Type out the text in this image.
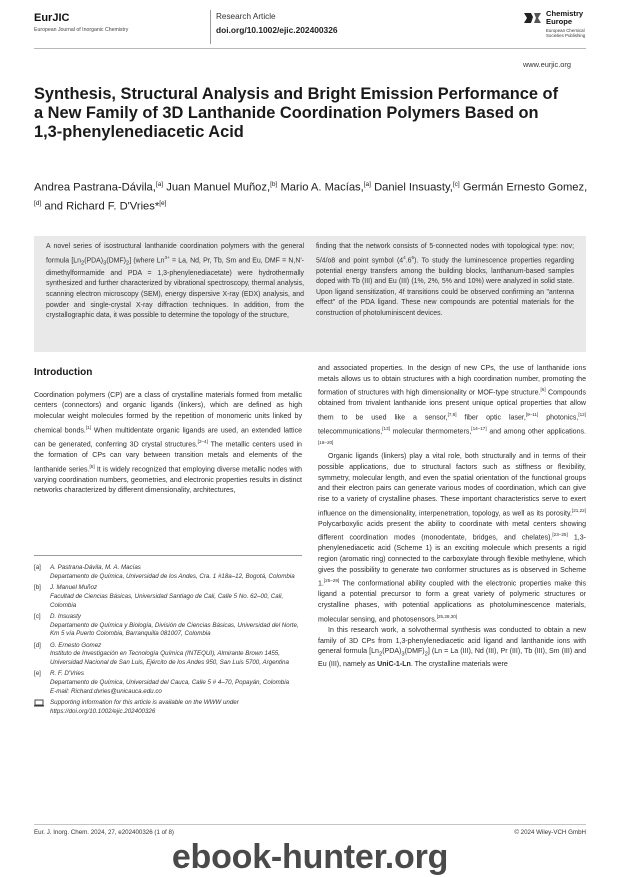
EurJIC
European Journal of Inorganic Chemistry
Research Article
doi.org/10.1002/ejic.202400326
Chemistry
Europe
European Chemical
Societies Publishing
www.eurjic.org
Synthesis, Structural Analysis and Bright Emission Performance of a New Family of 3D Lanthanide Coordination Polymers Based on 1,3-phenylenediacetic Acid
Andrea Pastrana-Dávila,[a] Juan Manuel Muñoz,[b] Mario A. Macías,[a] Daniel Insuasty,[c] Germán Ernesto Gomez,[d] and Richard F. D'Vries*[e]
A novel series of isostructural lanthanide coordination polymers with the general formula $[Ln_2(PDA)_3(DMF)_2]$ (where $Ln^{3+} = La$, Nd, Pr, Tb, Sm and Eu, DMF = N,N'-dimethylformamide and PDA = 1,3-phenylenediacetate) were hydrothermally synthesized and further characterized by vibrational spectroscopy, thermal analysis, scanning electron microscopy (SEM), energy dispersive X-ray (EDX) analysis, and powder and single-crystal X-ray diffraction techniques. In addition, from the crystallographic data, it was possible to determine the topology of the structure,
finding that the network consists of 5-connected nodes with topological type: nov; 5/4/o8 and point symbol $(4^4.6^6)$. To study the luminescence properties regarding potential energy transfers among the building blocks, lanthanum-based samples doped with Tb (III) and Eu (III) (1%, 2%, 5% and 10%) were analyzed in solid state. Upon ligand sensitization, 4f transitions could be observed confirming an "antenna effect" of the PDA ligand. These new compounds are potential materials for the construction of photoluminiscent devices.
Introduction

Coordination polymers (CP) are a class of crystalline materials formed from metallic centers (connectors) and organic ligands (linkers), which are defined as high molecular weight molecules formed by the repetition of monomeric units linked by chemical bonds.[1] When multidentate organic ligands are used, an extended lattice can be generated, conferring 3D crystal structures.[2–4] The metallic centers used in the formation of CPs can vary between transition metals and elements of the lanthanide series.[5] It is widely recognized that employing diverse metallic nodes with varying coordination numbers, geometries, and electronic properties results in distinct networks characterized by different dimensionality, architectures,

[a]	A. Pastrana-Dávila, M. A. Macías
Departamento de Química, Universidad de los Andes, Cra. 1 #18a–12, Bogotá, Colombia
[b]	J. Manuel Muñoz
Facultad de Ciencias Básicas, Universidad Santiago de Cali, Calle 5 No. 62–00, Cali, Colombia
[c]	D. Insuasty
Departamento de Química y Biología, División de Ciencias Básicas, Universidad del Norte, Km 5 vía Puerto Colombia, Barranquilla 081007, Colombia
[d]	G. Ernesto Gomez
Instituto de Investigación en Tecnología Química (INTEQUI), Almirante Brown 1455, Universidad Nacional de San Luis, Ejército de los Andes 950, San Luis 5700, Argentina
[e]	R. F. D'Vries
Departamento de Química, Universidad del Cauca, Calle 5 # 4–70, Popayán, Colombia
E-mail: Richard.dvries@unicauca.edu.co
Supporting information for this article is available on the WWW under https://doi.org/10.1002/ejic.202400326

and associated properties. In the design of new CPs, the use of lanthanide ions metals allows us to obtain structures with a high coordination number, promoting the formation of structures with high dimensionality or MOF-type structure.[6] Compounds obtained from trivalent lanthanide ions present unique optical properties that allow them to be used like a sensor,[7,8] fiber optic laser,[9–11] photonics,[12] telecommunications,[13] molecular thermometers,[14–17] and among other applications.[18–20]

Organic ligands (linkers) play a vital role, both structurally and in terms of their possible applications, due to structural factors such as stiffness or flexibility, symmetry, molecular length, and even the spatial orientation of the functional groups and their electron pairs can generate various modes of coordination, which can give rise to a variety of crystalline phases. These important characteristics serve to exert influence on the dimensionality, interpenetration, topology, as well as its porosity.[21,22] Polycarboxylic acids present the ability to coordinate with metal centers showing different coordination modes (monodentate, bridges, and chelates).[23–25] 1,3-phenylenediacetic acid (Scheme 1) is an exciting molecule which presents a rigid region (aromatic ring) connected to the carboxylate through flexible methylene, which gives the possibility to generate two conformer structures as is observed in Scheme 1.[25–29] The conformational ability coupled with the electronic properties make this ligand a potential precursor to form a great variety of polymeric structures or crystalline phases, with potential applications as photoluminescence materials, molecular sensing, and photosensors.[25,28,30]

In this research work, a solvothermal synthesis was conducted to obtain a new family of 3D CPs from 1,3-phenylenediacetic acid ligand and lanthanide ions with general formula $[Ln_2(PDA)_3(DMF)_2] (Ln = La$ (III), Nd (III), Pr (III), Tb (III), Sm (III) and Eu (III), namely as UniC-1-Ln. The crystalline materials were

Eur. J. Inorg. Chem. 2024, 27, e202400326 (1 of 8)	© 2024 Wiley-VCH GmbH
ebook-hunter.org
